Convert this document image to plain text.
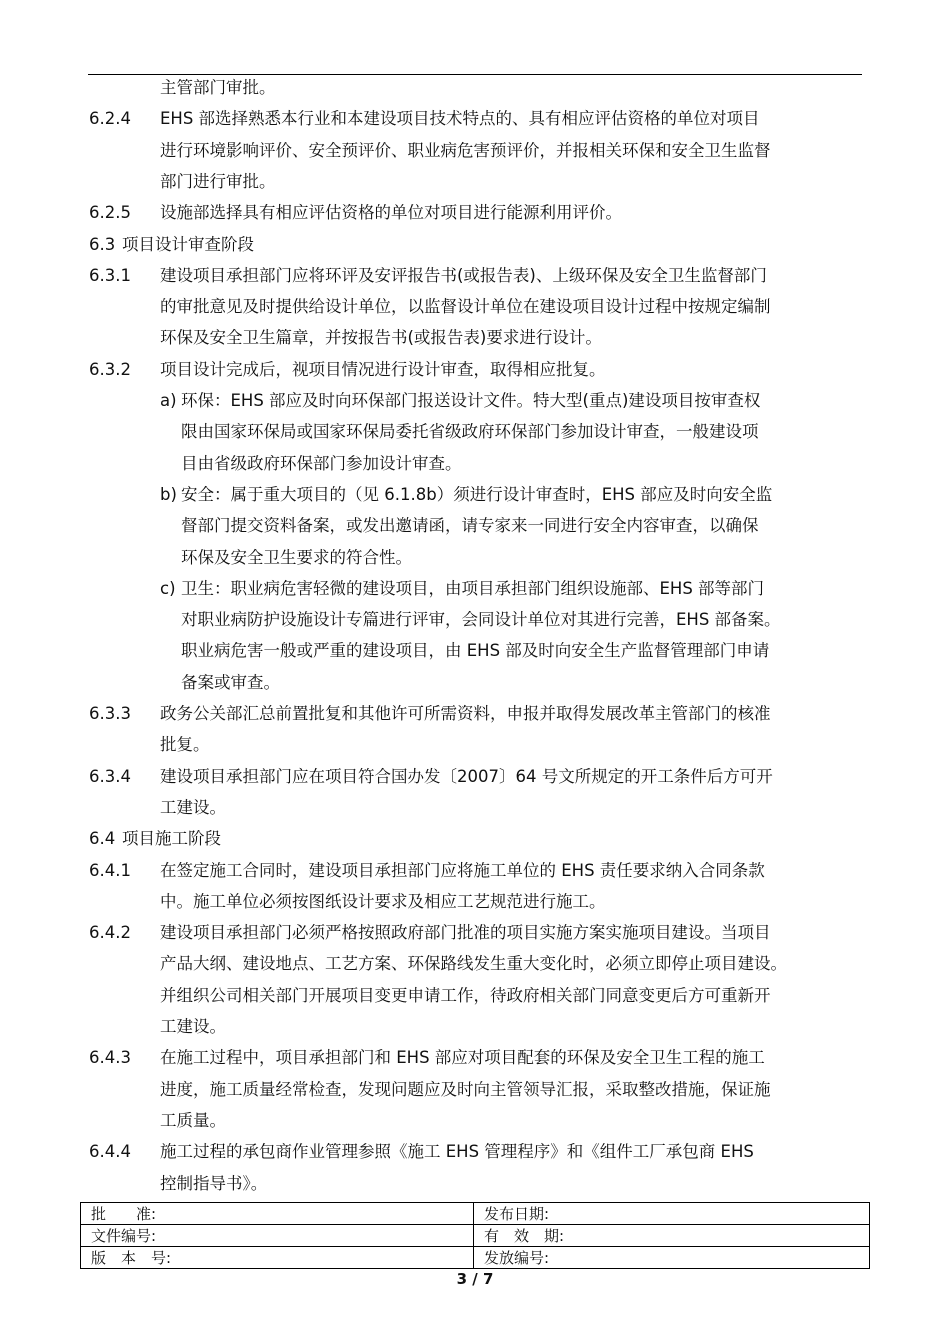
主管部门审批。
6.2.4 EHS 部选择熟悉本行业和本建设项目技术特点的、具有相应评估资格的单位对项目
进行环境影响评价、安全预评价、职业病危害预评价，并报相关环保和安全卫生监督
部门进行审批。
6.2.5 设施部选择具有相应评估资格的单位对项目进行能源利用评价。
6.3 项目设计审查阶段
6.3.1 建设项目承担部门应将环评及安评报告书(或报告表)、上级环保及安全卫生监督部门
的审批意见及时提供给设计单位，以监督设计单位在建设项目设计过程中按规定编制
环保及安全卫生篇章，并按报告书(或报告表)要求进行设计。
6.3.2 项目设计完成后，视项目情况进行设计审查，取得相应批复。
a) 环保：EHS 部应及时向环保部门报送设计文件。特大型(重点)建设项目按审查权
限由国家环保局或国家环保局委托省级政府环保部门参加设计审查，一般建设项
目由省级政府环保部门参加设计审查。
b) 安全：属于重大项目的（见 6.1.8b）须进行设计审查时，EHS 部应及时向安全监
督部门提交资料备案，或发出邀请函，请专家来一同进行安全内容审查，以确保
环保及安全卫生要求的符合性。
c) 卫生：职业病危害轻微的建设项目，由项目承担部门组织设施部、EHS 部等部门
对职业病防护设施设计专篇进行评审，会同设计单位对其进行完善，EHS 部备案。
职业病危害一般或严重的建设项目，由 EHS 部及时向安全生产监督管理部门申请
备案或审查。
6.3.3 政务公关部汇总前置批复和其他许可所需资料，申报并取得发展改革主管部门的核准
批复。
6.3.4 建设项目承担部门应在项目符合国办发〔2007〕64 号文所规定的开工条件后方可开
工建设。
6.4 项目施工阶段
6.4.1 在签定施工合同时，建设项目承担部门应将施工单位的 EHS 责任要求纳入合同条款
中。施工单位必须按图纸设计要求及相应工艺规范进行施工。
6.4.2 建设项目承担部门必须严格按照政府部门批准的项目实施方案实施项目建设。当项目
产品大纲、建设地点、工艺方案、环保路线发生重大变化时，必须立即停止项目建设。
并组织公司相关部门开展项目变更申请工作，待政府相关部门同意变更后方可重新开
工建设。
6.4.3 在施工过程中，项目承担部门和 EHS 部应对项目配套的环保及安全卫生工程的施工
进度，施工质量经常检查，发现问题应及时向主管领导汇报，采取整改措施，保证施
工质量。
6.4.4 施工过程的承包商作业管理参照《施工 EHS 管理程序》和《组件工厂承包商 EHS
控制指导书》。
批　　准:	发布日期:
文件编号:	有　效　期:
版　本　号:	发放编号:
3 / 7
